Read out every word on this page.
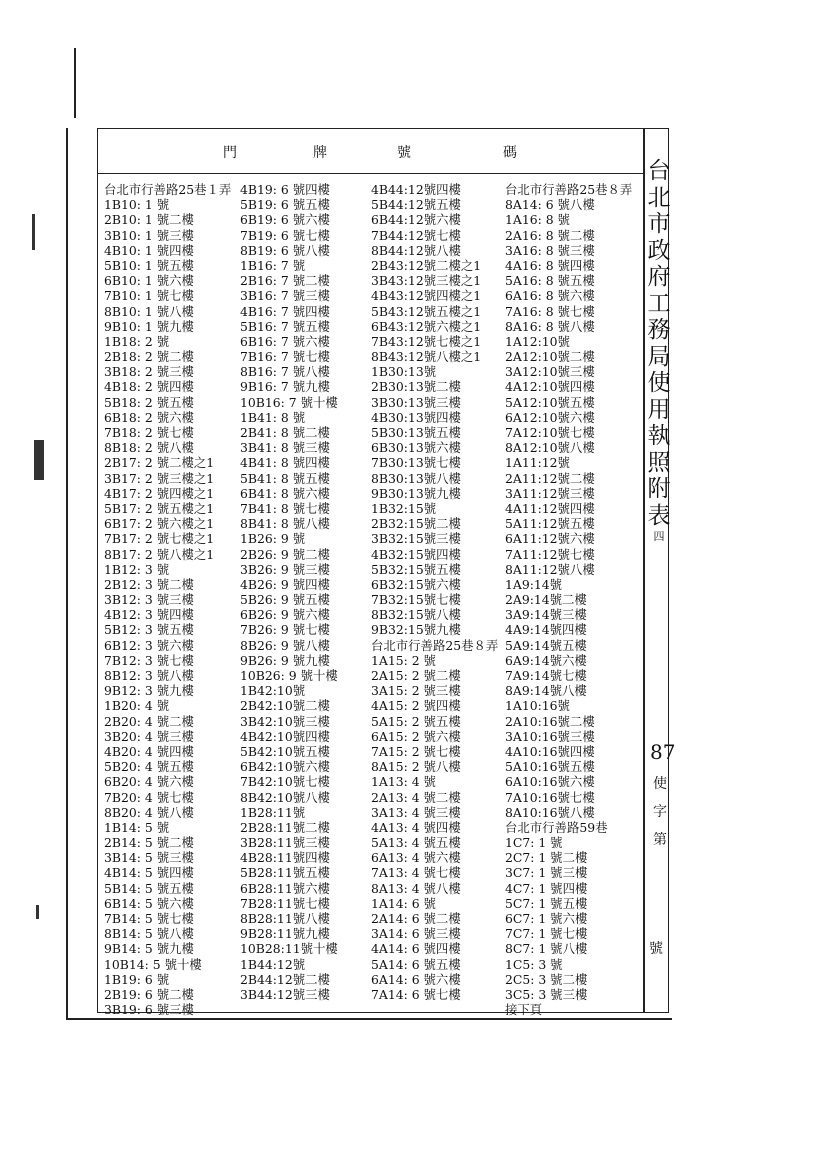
門	牌	號	碼
台北市行善路25巷１弄
1B10: 1 號
2B10: 1 號二樓
3B10: 1 號三樓
4B10: 1 號四樓
5B10: 1 號五樓
6B10: 1 號六樓
7B10: 1 號七樓
8B10: 1 號八樓
9B10: 1 號九樓
1B18: 2 號
2B18: 2 號二樓
3B18: 2 號三樓
4B18: 2 號四樓
5B18: 2 號五樓
6B18: 2 號六樓
7B18: 2 號七樓
8B18: 2 號八樓
2B17: 2 號二樓之1
3B17: 2 號三樓之1
4B17: 2 號四樓之1
5B17: 2 號五樓之1
6B17: 2 號六樓之1
7B17: 2 號七樓之1
8B17: 2 號八樓之1
1B12: 3 號
2B12: 3 號二樓
3B12: 3 號三樓
4B12: 3 號四樓
5B12: 3 號五樓
6B12: 3 號六樓
7B12: 3 號七樓
8B12: 3 號八樓
9B12: 3 號九樓
1B20: 4 號
2B20: 4 號二樓
3B20: 4 號三樓
4B20: 4 號四樓
5B20: 4 號五樓
6B20: 4 號六樓
7B20: 4 號七樓
8B20: 4 號八樓
1B14: 5 號
2B14: 5 號二樓
3B14: 5 號三樓
4B14: 5 號四樓
5B14: 5 號五樓
6B14: 5 號六樓
7B14: 5 號七樓
8B14: 5 號八樓
9B14: 5 號九樓
10B14: 5 號十樓
1B19: 6 號
2B19: 6 號二樓
3B19: 6 號三樓
4B19: 6 號四樓
5B19: 6 號五樓
6B19: 6 號六樓
7B19: 6 號七樓
8B19: 6 號八樓
1B16: 7 號
2B16: 7 號二樓
3B16: 7 號三樓
4B16: 7 號四樓
5B16: 7 號五樓
6B16: 7 號六樓
7B16: 7 號七樓
8B16: 7 號八樓
9B16: 7 號九樓
10B16: 7 號十樓
1B41: 8 號
2B41: 8 號二樓
3B41: 8 號三樓
4B41: 8 號四樓
5B41: 8 號五樓
6B41: 8 號六樓
7B41: 8 號七樓
8B41: 8 號八樓
1B26: 9 號
2B26: 9 號二樓
3B26: 9 號三樓
4B26: 9 號四樓
5B26: 9 號五樓
6B26: 9 號六樓
7B26: 9 號七樓
8B26: 9 號八樓
9B26: 9 號九樓
10B26: 9 號十樓
1B42:10號
2B42:10號二樓
3B42:10號三樓
4B42:10號四樓
5B42:10號五樓
6B42:10號六樓
7B42:10號七樓
8B42:10號八樓
1B28:11號
2B28:11號二樓
3B28:11號三樓
4B28:11號四樓
5B28:11號五樓
6B28:11號六樓
7B28:11號七樓
8B28:11號八樓
9B28:11號九樓
10B28:11號十樓
1B44:12號
2B44:12號二樓
3B44:12號三樓
4B44:12號四樓
5B44:12號五樓
6B44:12號六樓
7B44:12號七樓
8B44:12號八樓
2B43:12號二樓之1
3B43:12號三樓之1
4B43:12號四樓之1
5B43:12號五樓之1
6B43:12號六樓之1
7B43:12號七樓之1
8B43:12號八樓之1
1B30:13號
2B30:13號二樓
3B30:13號三樓
4B30:13號四樓
5B30:13號五樓
6B30:13號六樓
7B30:13號七樓
8B30:13號八樓
9B30:13號九樓
1B32:15號
2B32:15號二樓
3B32:15號三樓
4B32:15號四樓
5B32:15號五樓
6B32:15號六樓
7B32:15號七樓
8B32:15號八樓
9B32:15號九樓
台北市行善路25巷８弄
1A15: 2 號
2A15: 2 號二樓
3A15: 2 號三樓
4A15: 2 號四樓
5A15: 2 號五樓
6A15: 2 號六樓
7A15: 2 號七樓
8A15: 2 號八樓
1A13: 4 號
2A13: 4 號二樓
3A13: 4 號三樓
4A13: 4 號四樓
5A13: 4 號五樓
6A13: 4 號六樓
7A13: 4 號七樓
8A13: 4 號八樓
1A14: 6 號
2A14: 6 號二樓
3A14: 6 號三樓
4A14: 6 號四樓
5A14: 6 號五樓
6A14: 6 號六樓
7A14: 6 號七樓
台北市行善路25巷８弄
8A14: 6 號八樓
1A16: 8 號
2A16: 8 號二樓
3A16: 8 號三樓
4A16: 8 號四樓
5A16: 8 號五樓
6A16: 8 號六樓
7A16: 8 號七樓
8A16: 8 號八樓
1A12:10號
2A12:10號二樓
3A12:10號三樓
4A12:10號四樓
5A12:10號五樓
6A12:10號六樓
7A12:10號七樓
8A12:10號八樓
1A11:12號
2A11:12號二樓
3A11:12號三樓
4A11:12號四樓
5A11:12號五樓
6A11:12號六樓
7A11:12號七樓
8A11:12號八樓
1A9:14號
2A9:14號二樓
3A9:14號三樓
4A9:14號四樓
5A9:14號五樓
6A9:14號六樓
7A9:14號七樓
8A9:14號八樓
1A10:16號
2A10:16號二樓
3A10:16號三樓
4A10:16號四樓
5A10:16號五樓
6A10:16號六樓
7A10:16號七樓
8A10:16號八樓
台北市行善路59巷
1C7: 1 號
2C7: 1 號二樓
3C7: 1 號三樓
4C7: 1 號四樓
5C7: 1 號五樓
6C7: 1 號六樓
7C7: 1 號七樓
8C7: 1 號八樓
1C5: 3 號
2C5: 3 號二樓
3C5: 3 號三樓
接下頁
台
北
市
政
府
工
務
局
使
用
執
照
附
表
四
87
使
字
第
號
